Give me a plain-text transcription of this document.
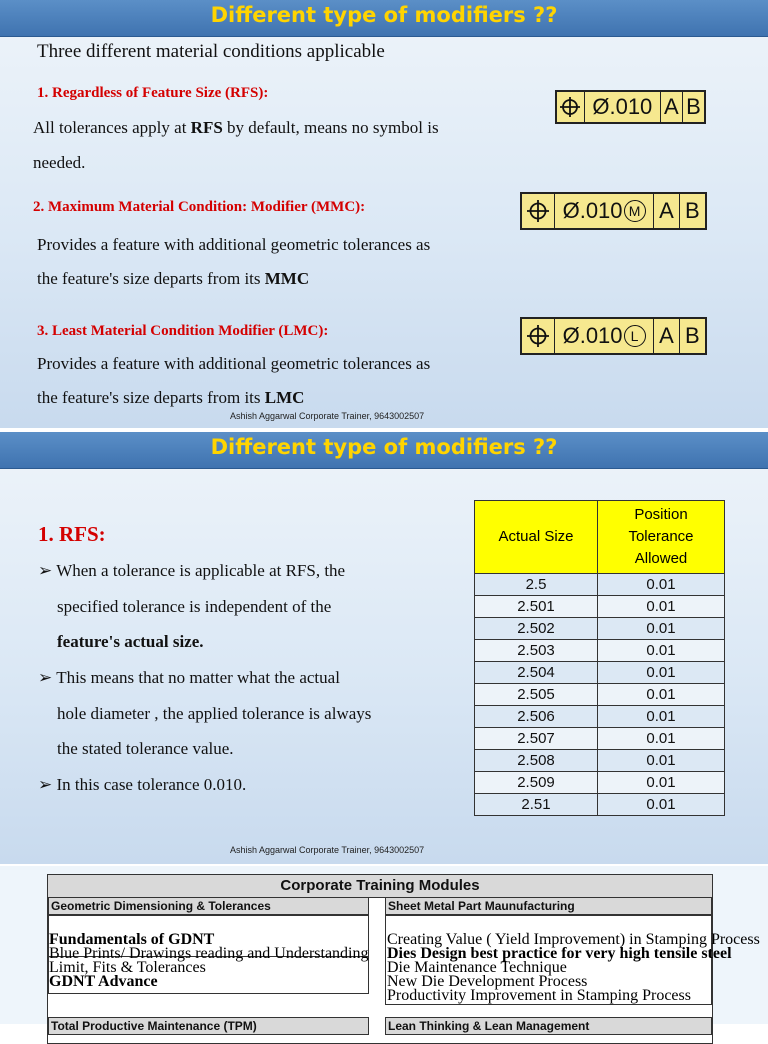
Different type of modifiers ??
Three different material conditions applicable
1. Regardless of Feature Size (RFS):
All tolerances apply at RFS by default, means no symbol is
needed.
Ø.010 A B
2. Maximum Material Condition: Modifier (MMC):
Provides a feature with additional geometric tolerances as
the feature's size departs from its MMC
Ø.010 M A B
3. Least Material Condition Modifier (LMC):
Provides a feature with additional geometric tolerances as
the feature's size departs from its LMC
Ø.010 L A B
Ashish Aggarwal Corporate Trainer, 9643002507
Different type of modifiers ??
1. RFS:
➢ When a tolerance is applicable at RFS, the
specified tolerance is independent of the
feature's actual size.
➢ This means that no matter what the actual
hole diameter , the applied tolerance is always
the stated tolerance value.
➢ In this case tolerance 0.010.
Actual Size	Position
Tolerance
Allowed
2.5	0.01
2.501	0.01
2.502	0.01
2.503	0.01
2.504	0.01
2.505	0.01
2.506	0.01
2.507	0.01
2.508	0.01
2.509	0.01
2.51	0.01
Ashish Aggarwal Corporate Trainer, 9643002507
Corporate Training Modules
Geometric Dimensioning & Tolerances
Fundamentals of GDNT
Blue Prints/ Drawings reading and Understanding
Limit, Fits & Tolerances
GDNT Advance
Sheet Metal Part Maunufacturing
Creating Value ( Yield Improvement) in Stamping Process
Dies Design best practice for very high tensile steel
Die Maintenance Technique
New Die Development Process
Productivity Improvement in Stamping Process
Total Productive Maintenance (TPM)	Lean Thinking & Lean Management
